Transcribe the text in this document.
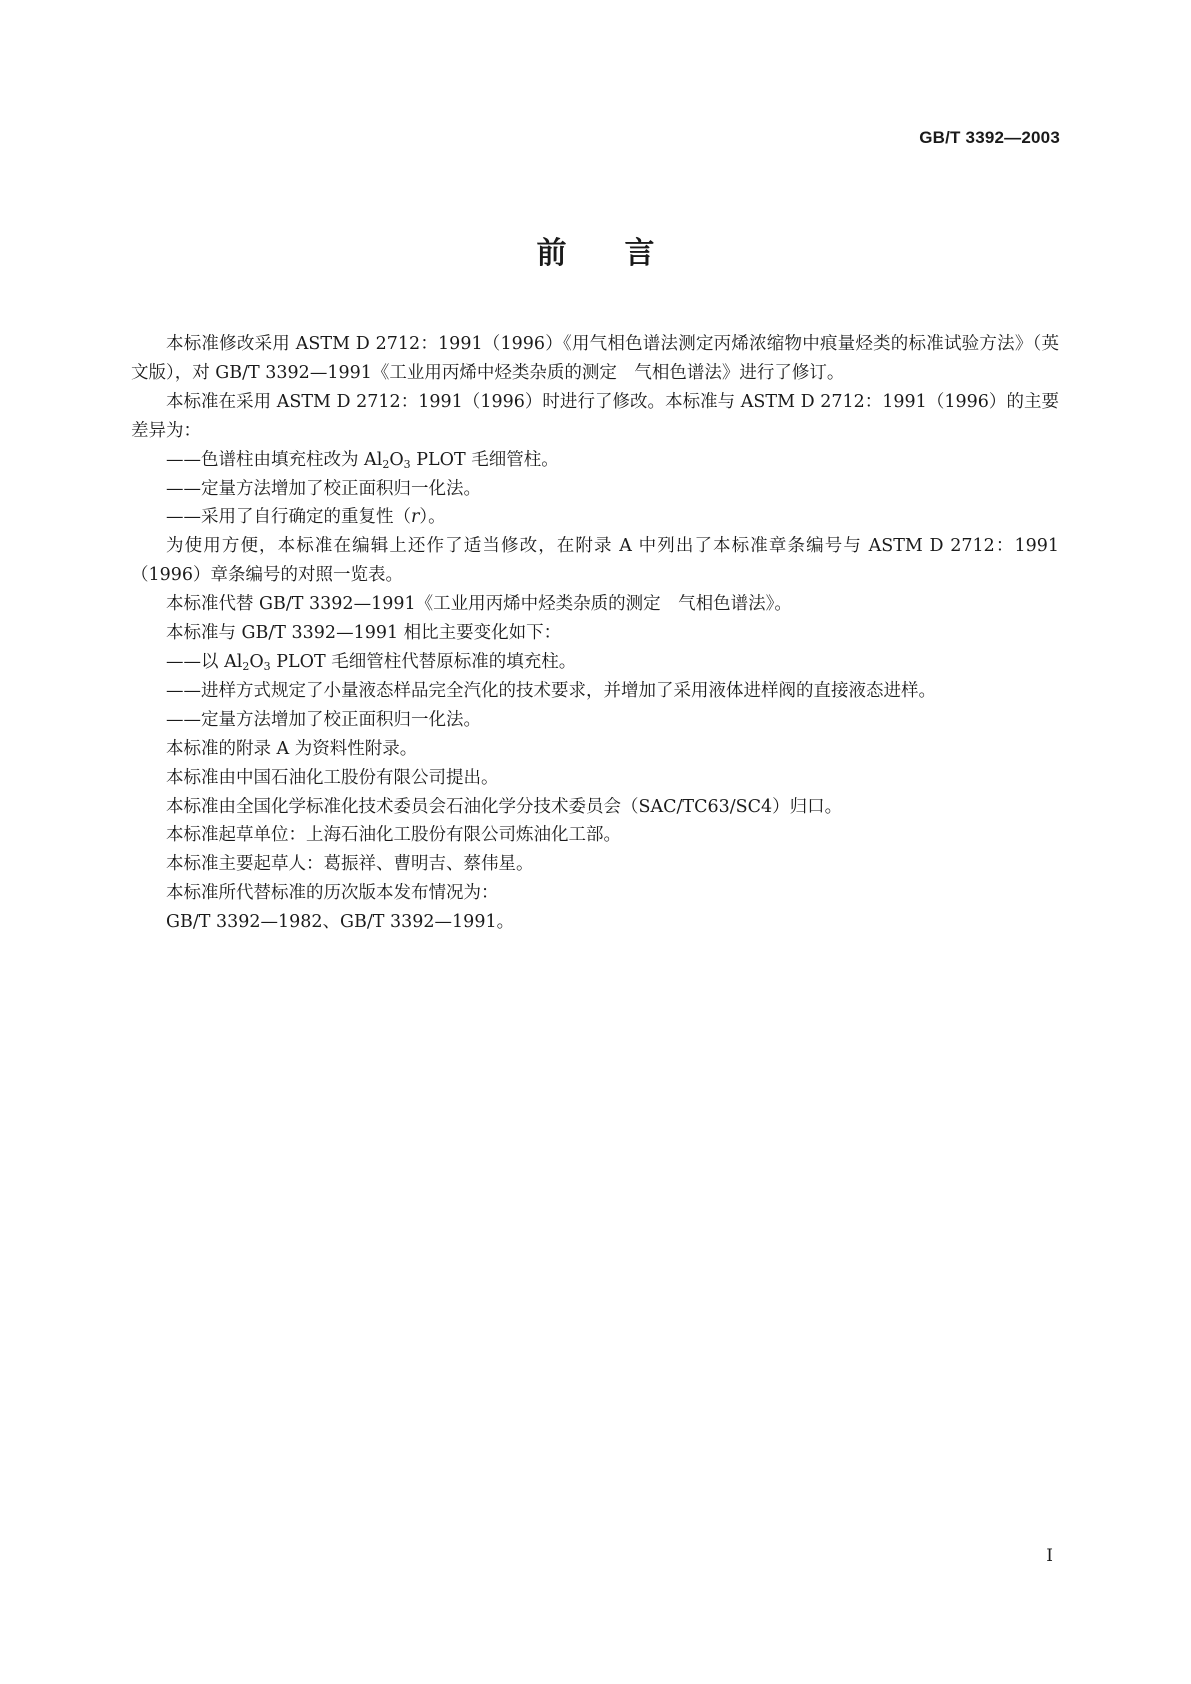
GB/T 3392—2003
前言

本标准修改采用 ASTM D 2712：1991（1996）《用气相色谱法测定丙烯浓缩物中痕量烃类的标准试验方法》（英文版），对 GB/T 3392—1991《工业用丙烯中烃类杂质的测定　气相色谱法》进行了修订。

本标准在采用 ASTM D 2712：1991（1996）时进行了修改。本标准与 ASTM D 2712：1991（1996）的主要差异为：

——色谱柱由填充柱改为 $Al_2O_3$ PLOT 毛细管柱。

——定量方法增加了校正面积归一化法。

——采用了自行确定的重复性（r）。

为使用方便，本标准在编辑上还作了适当修改，在附录 A 中列出了本标准章条编号与 ASTM D 2712：1991（1996）章条编号的对照一览表。

本标准代替 GB/T 3392—1991《工业用丙烯中烃类杂质的测定　气相色谱法》。

本标准与 GB/T 3392—1991 相比主要变化如下：

——以 $Al_2O_3$ PLOT 毛细管柱代替原标准的填充柱。

——进样方式规定了小量液态样品完全汽化的技术要求，并增加了采用液体进样阀的直接液态进样。

——定量方法增加了校正面积归一化法。

本标准的附录 A 为资料性附录。

本标准由中国石油化工股份有限公司提出。

本标准由全国化学标准化技术委员会石油化学分技术委员会（SAC/TC63/SC4）归口。

本标准起草单位：上海石油化工股份有限公司炼油化工部。

本标准主要起草人：葛振祥、曹明吉、蔡伟星。

本标准所代替标准的历次版本发布情况为：

GB/T 3392—1982、GB/T 3392—1991。

I
